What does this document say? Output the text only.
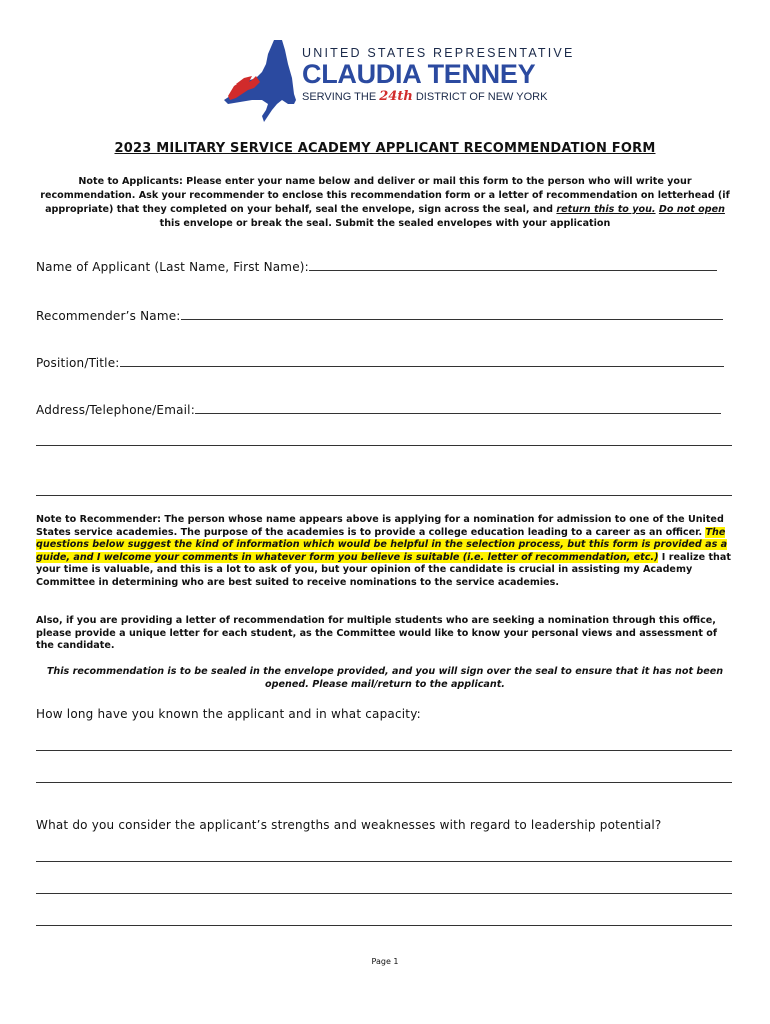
UNITED STATES REPRESENTATIVE
CLAUDIA TENNEY
SERVING THE 24th DISTRICT OF NEW YORK
2023 MILITARY SERVICE ACADEMY APPLICANT RECOMMENDATION FORM
Note to Applicants: Please enter your name below and deliver or mail this form to the person who will write your recommendation. Ask your recommender to enclose this recommendation form or a letter of recommendation on letterhead (if appropriate) that they completed on your behalf, seal the envelope, sign across the seal, and return this to you. Do not open this envelope or break the seal. Submit the sealed envelopes with your application
Name of Applicant (Last Name, First Name):
Recommender’s Name:
Position/Title:
Address/Telephone/Email:
Note to Recommender: The person whose name appears above is applying for a nomination for admission to one of the United States service academies. The purpose of the academies is to provide a college education leading to a career as an officer. The questions below suggest the kind of information which would be helpful in the selection process, but this form is provided as a guide, and I welcome your comments in whatever form you believe is suitable (i.e. letter of recommendation, etc.) I realize that your time is valuable, and this is a lot to ask of you, but your opinion of the candidate is crucial in assisting my Academy Committee in determining who are best suited to receive nominations to the service academies.
Also, if you are providing a letter of recommendation for multiple students who are seeking a nomination through this office, please provide a unique letter for each student, as the Committee would like to know your personal views and assessment of the candidate.
This recommendation is to be sealed in the envelope provided, and you will sign over the seal to ensure that it has not been opened. Please mail/return to the applicant.
How long have you known the applicant and in what capacity:
What do you consider the applicant’s strengths and weaknesses with regard to leadership potential?
Page 1
